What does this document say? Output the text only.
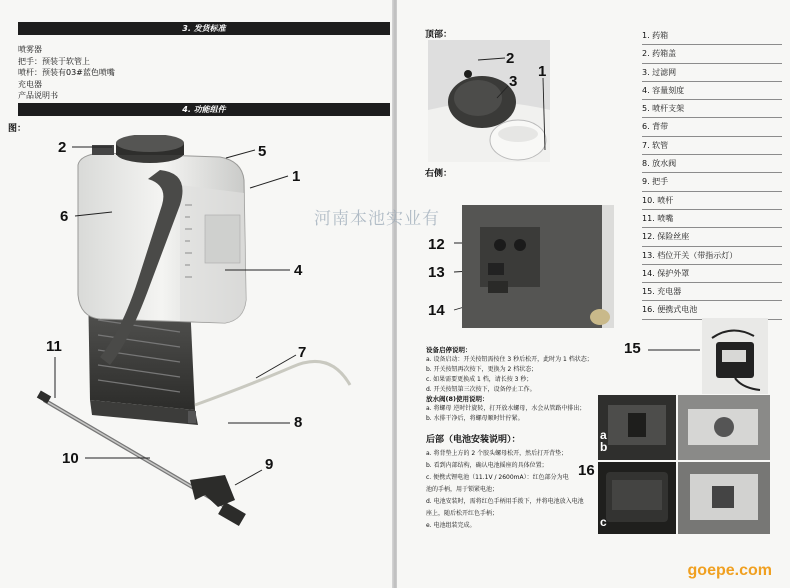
3. 发货标准
喷雾器
把手：预装于软管上
喷杆：预装有03#蓝色喷嘴
充电器
产品说明书
4. 功能组件
图：
2	5
1
6
4
11	7
8
10	9
顶部：
2
3
1
右侧：
12
13
14
1. 药箱
2. 药箱盖
3. 过滤网
4. 容量刻度
5. 喷杆支架
6. 背带
7. 软管
8. 放水阀
9. 把手
10. 喷杆
11. 喷嘴
12. 保险丝座
13. 档位开关（带指示灯）
14. 保护外罩
15. 充电器
16. 便携式电池
15
a
b
c
16
设备启停说明：
a. 设备启动：开关按钮需按住 3 秒后松开，此时为 1 档状态；
b. 开关按钮再次按下，更换为 2 档状态；
c. 如果需要更换成 1 档，请长按 3 秒；
d. 开关按钮第三次按下，设备停止工作。
放水阀(8)使用说明：
a. 将螺母 逆时针旋转，打开放水螺母，水会从管路中排出；
b. 水排干净后，将螺母顺时针拧紧。
后部（电池安装说明）：
a. 将背垫上方的 2 个胶头螺母松开，然后打开背垫；
b. 看到内部结构，确认电池摇座的具体位置；
c. 便携式锂电池（11.1V / 2600mA）：红色部分为电
池的手柄，用于锁紧电池；
d. 电池安装时，需将红色手柄用手拨下，并将电池放入电池
座上，随后松开红色手柄；
e. 电池组装完成。
河南本池实业有
goepe.com
